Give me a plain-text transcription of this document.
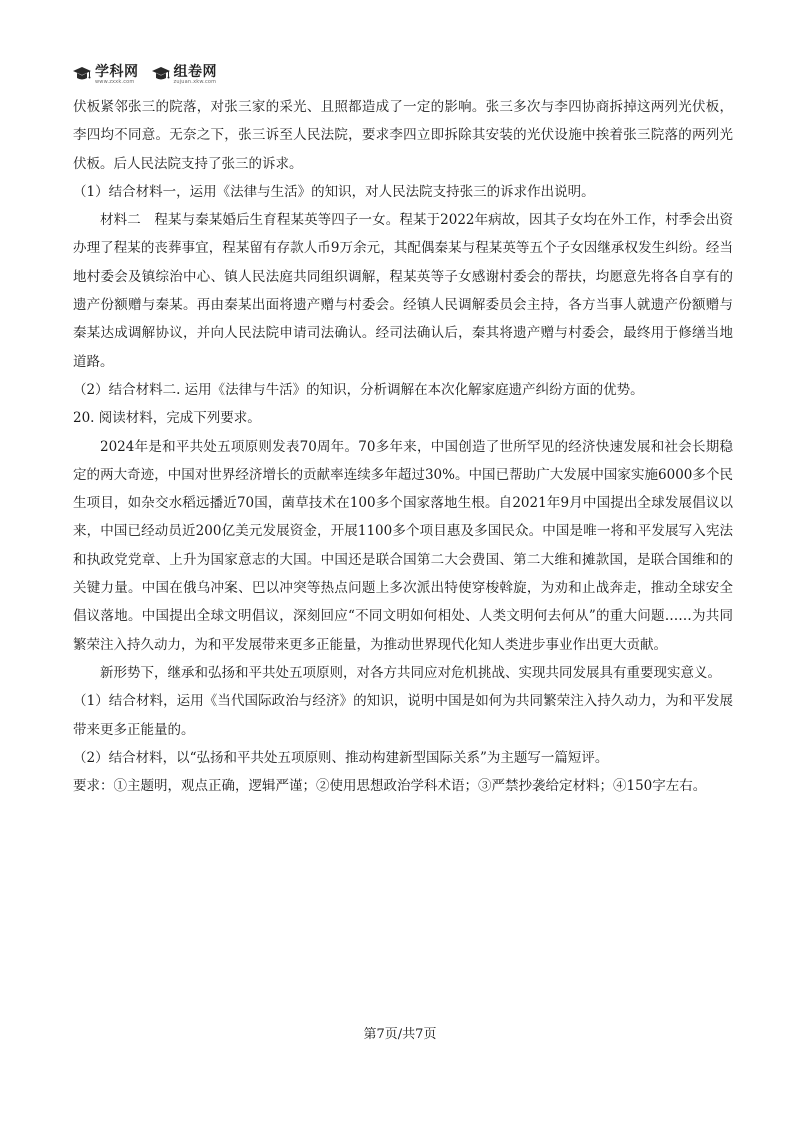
学科网
www.zxxk.com
组卷网
zujuan.xkw.com

伏板紧邻张三的院落，对张三家的采光、且照都造成了一定的影响。张三多次与李四协商拆掉这两列光伏板，李四均不同意。无奈之下，张三诉至人民法院，要求李四立即拆除其安装的光伏设施中挨着张三院落的两列光伏板。后人民法院支持了张三的诉求。

（1）结合材料一，运用《法律与生活》的知识，对人民法院支持张三的诉求作出说明。

材料二　程某与秦某婚后生育程某英等四子一女。程某于2022年病故，因其子女均在外工作，村季会出资办理了程某的丧葬事宜，程某留有存款人币9万余元，其配偶秦某与程某英等五个子女因继承权发生纠纷。经当地村委会及镇综治中心、镇人民法庭共同组织调解，程某英等子女感谢村委会的帮扶，均愿意先将各自享有的遗产份额赠与秦某。再由秦某出面将遗产赠与村委会。经镇人民调解委员会主持，各方当事人就遗产份额赠与秦某达成调解协议，并向人民法院申请司法确认。经司法确认后，秦其将遗产赠与村委会，最终用于修缮当地道路。

（2）结合材料二. 运用《法律与牛活》的知识，分析调解在本次化解家庭遗产纠纷方面的优势。

20. 阅读材料，完成下列要求。

2024年是和平共处五项原则发表70周年。70多年来，中国创造了世所罕见的经济快速发展和社会长期稳定的两大奇迹，中国对世界经济增长的贡献率连续多年超过30%。中国已帮助广大发展中国家实施6000多个民生项目，如杂交水稻远播近70国，菌草技术在100多个国家落地生根。自2021年9月中国提出全球发展倡议以来，中国已经动员近200亿美元发展资金，开展1100多个项目惠及多国民众。中国是唯一将和平发展写入宪法和执政党党章、上升为国家意志的大国。中国还是联合国第二大会费国、第二大维和摊款国，是联合国维和的关键力量。中国在俄乌冲案、巴以冲突等热点问题上多次派出特使穿梭斡旋，为劝和止战奔走，推动全球安全倡议落地。中国提出全球文明倡议，深刻回应“不同文明如何相处、人类文明何去何从”的重大问题……为共同繁荣注入持久动力，为和平发展带来更多正能量，为推动世界现代化知人类进步事业作出更大贡献。

新形势下，继承和弘扬和平共处五项原则，对各方共同应对危机挑战、实现共同发展具有重要现实意义。

（1）结合材料，运用《当代国际政治与经济》的知识，说明中国是如何为共同繁荣注入持久动力，为和平发展带来更多正能量的。

（2）结合材料，以“弘扬和平共处五项原则、推动构建新型国际关系”为主题写一篇短评。

要求：①主题明，观点正确，逻辑严谨；②使用思想政治学科术语；③严禁抄袭给定材料；④150字左右。

第7页/共7页
